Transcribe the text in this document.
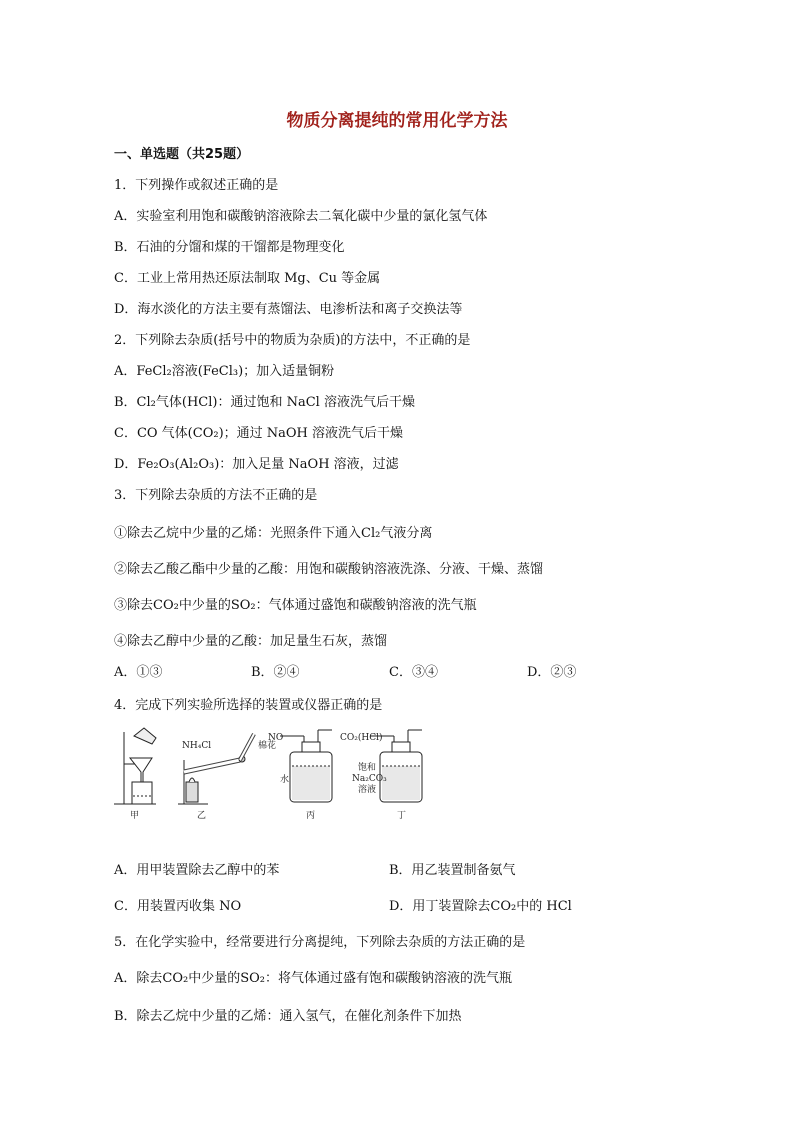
物质分离提纯的常用化学方法
一、单选题（共25题）
1．下列操作或叙述正确的是
A．实验室利用饱和碳酸钠溶液除去二氧化碳中少量的氯化氢气体
B．石油的分馏和煤的干馏都是物理变化
C．工业上常用热还原法制取 Mg、Cu 等金属
D．海水淡化的方法主要有蒸馏法、电渗析法和离子交换法等
2．下列除去杂质(括号中的物质为杂质)的方法中，不正确的是
A．FeCl₂溶液(FeCl₃)；加入适量铜粉
B．Cl₂气体(HCl)：通过饱和 NaCl 溶液洗气后干燥
C．CO 气体(CO₂)；通过 NaOH 溶液洗气后干燥
D．Fe₂O₃(Al₂O₃)：加入足量 NaOH 溶液，过滤
3．下列除去杂质的方法不正确的是
①除去乙烷中少量的乙烯：光照条件下通入Cl₂气液分离
②除去乙酸乙酯中少量的乙酸：用饱和碳酸钠溶液洗涤、分液、干燥、蒸馏
③除去CO₂中少量的SO₂：气体通过盛饱和碳酸钠溶液的洗气瓶
④除去乙醇中少量的乙酸：加足量生石灰，蒸馏
A．①③	B．②④	C．③④	D．②③
4．完成下列实验所选择的装置或仪器正确的是
NH₄Cl	棉花
NO
水
CO₂(HCl)
饱和
Na₂CO₃
溶液
甲	乙	丙	丁
A．用甲装置除去乙醇中的苯	B．用乙装置制备氨气
C．用装置丙收集 NO	D．用丁装置除去CO₂中的 HCl
5．在化学实验中，经常要进行分离提纯，下列除去杂质的方法正确的是
A．除去CO₂中少量的SO₂：将气体通过盛有饱和碳酸钠溶液的洗气瓶
B．除去乙烷中少量的乙烯：通入氢气，在催化剂条件下加热
